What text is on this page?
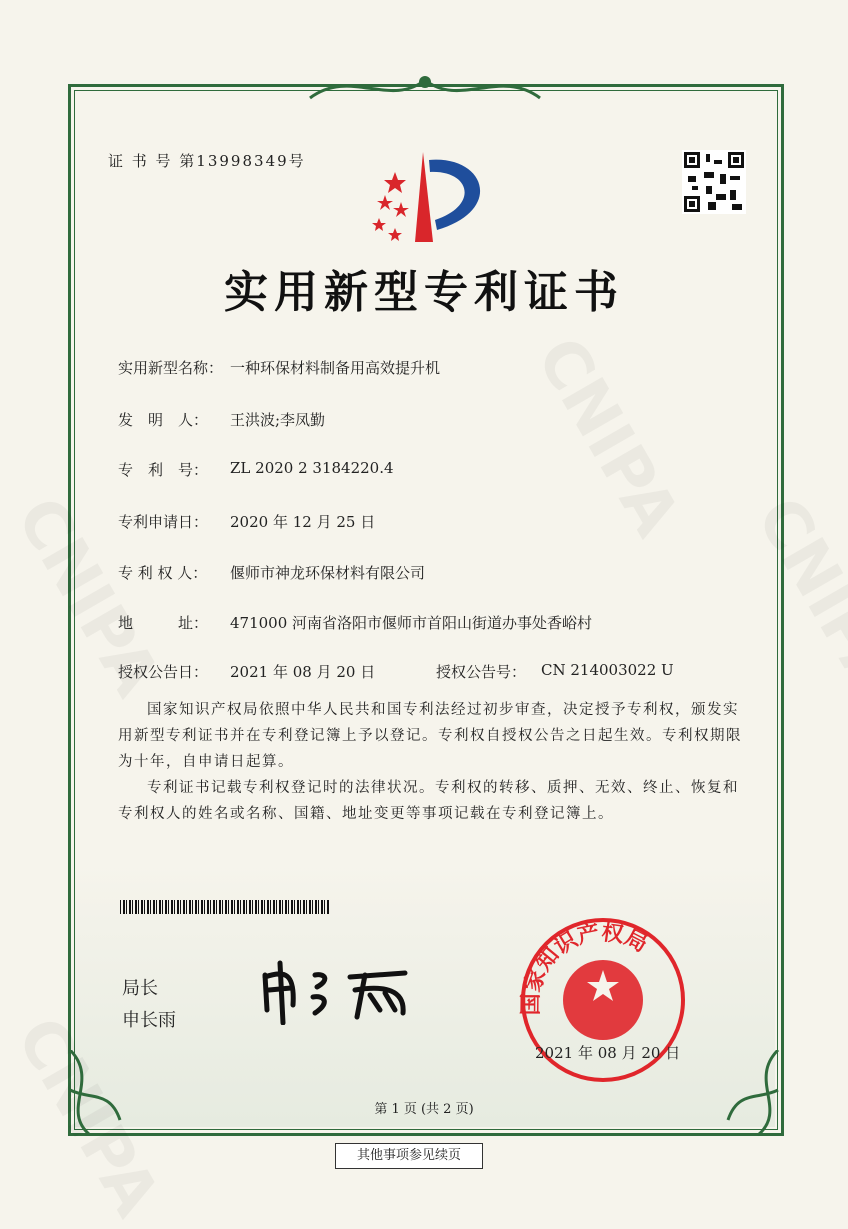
证 书 号 第13998349号
实用新型专利证书
实用新型名称： 一种环保材料制备用高效提升机
发　明　人：	王洪波;李凤勤
专　利　号：	ZL 2020 2 3184220.4
专利申请日：	2020 年 12 月 25 日
专 利 权 人：	偃师市神龙环保材料有限公司
地　　　址：	471000 河南省洛阳市偃师市首阳山街道办事处香峪村
授权公告日：	2021 年 08 月 20 日	授权公告号： CN 214003022 U

国家知识产权局依照中华人民共和国专利法经过初步审查，决定授予专利权，颁发实用新型专利证书并在专利登记簿上予以登记。专利权自授权公告之日起生效。专利权期限为十年，自申请日起算。

专利证书记载专利权登记时的法律状况。专利权的转移、质押、无效、终止、恢复和专利权人的姓名或名称、国籍、地址变更等事项记载在专利登记簿上。

局长
申长雨
国家知识产权局
2021 年 08 月 20 日
第 1 页 (共 2 页)
其他事项参见续页
